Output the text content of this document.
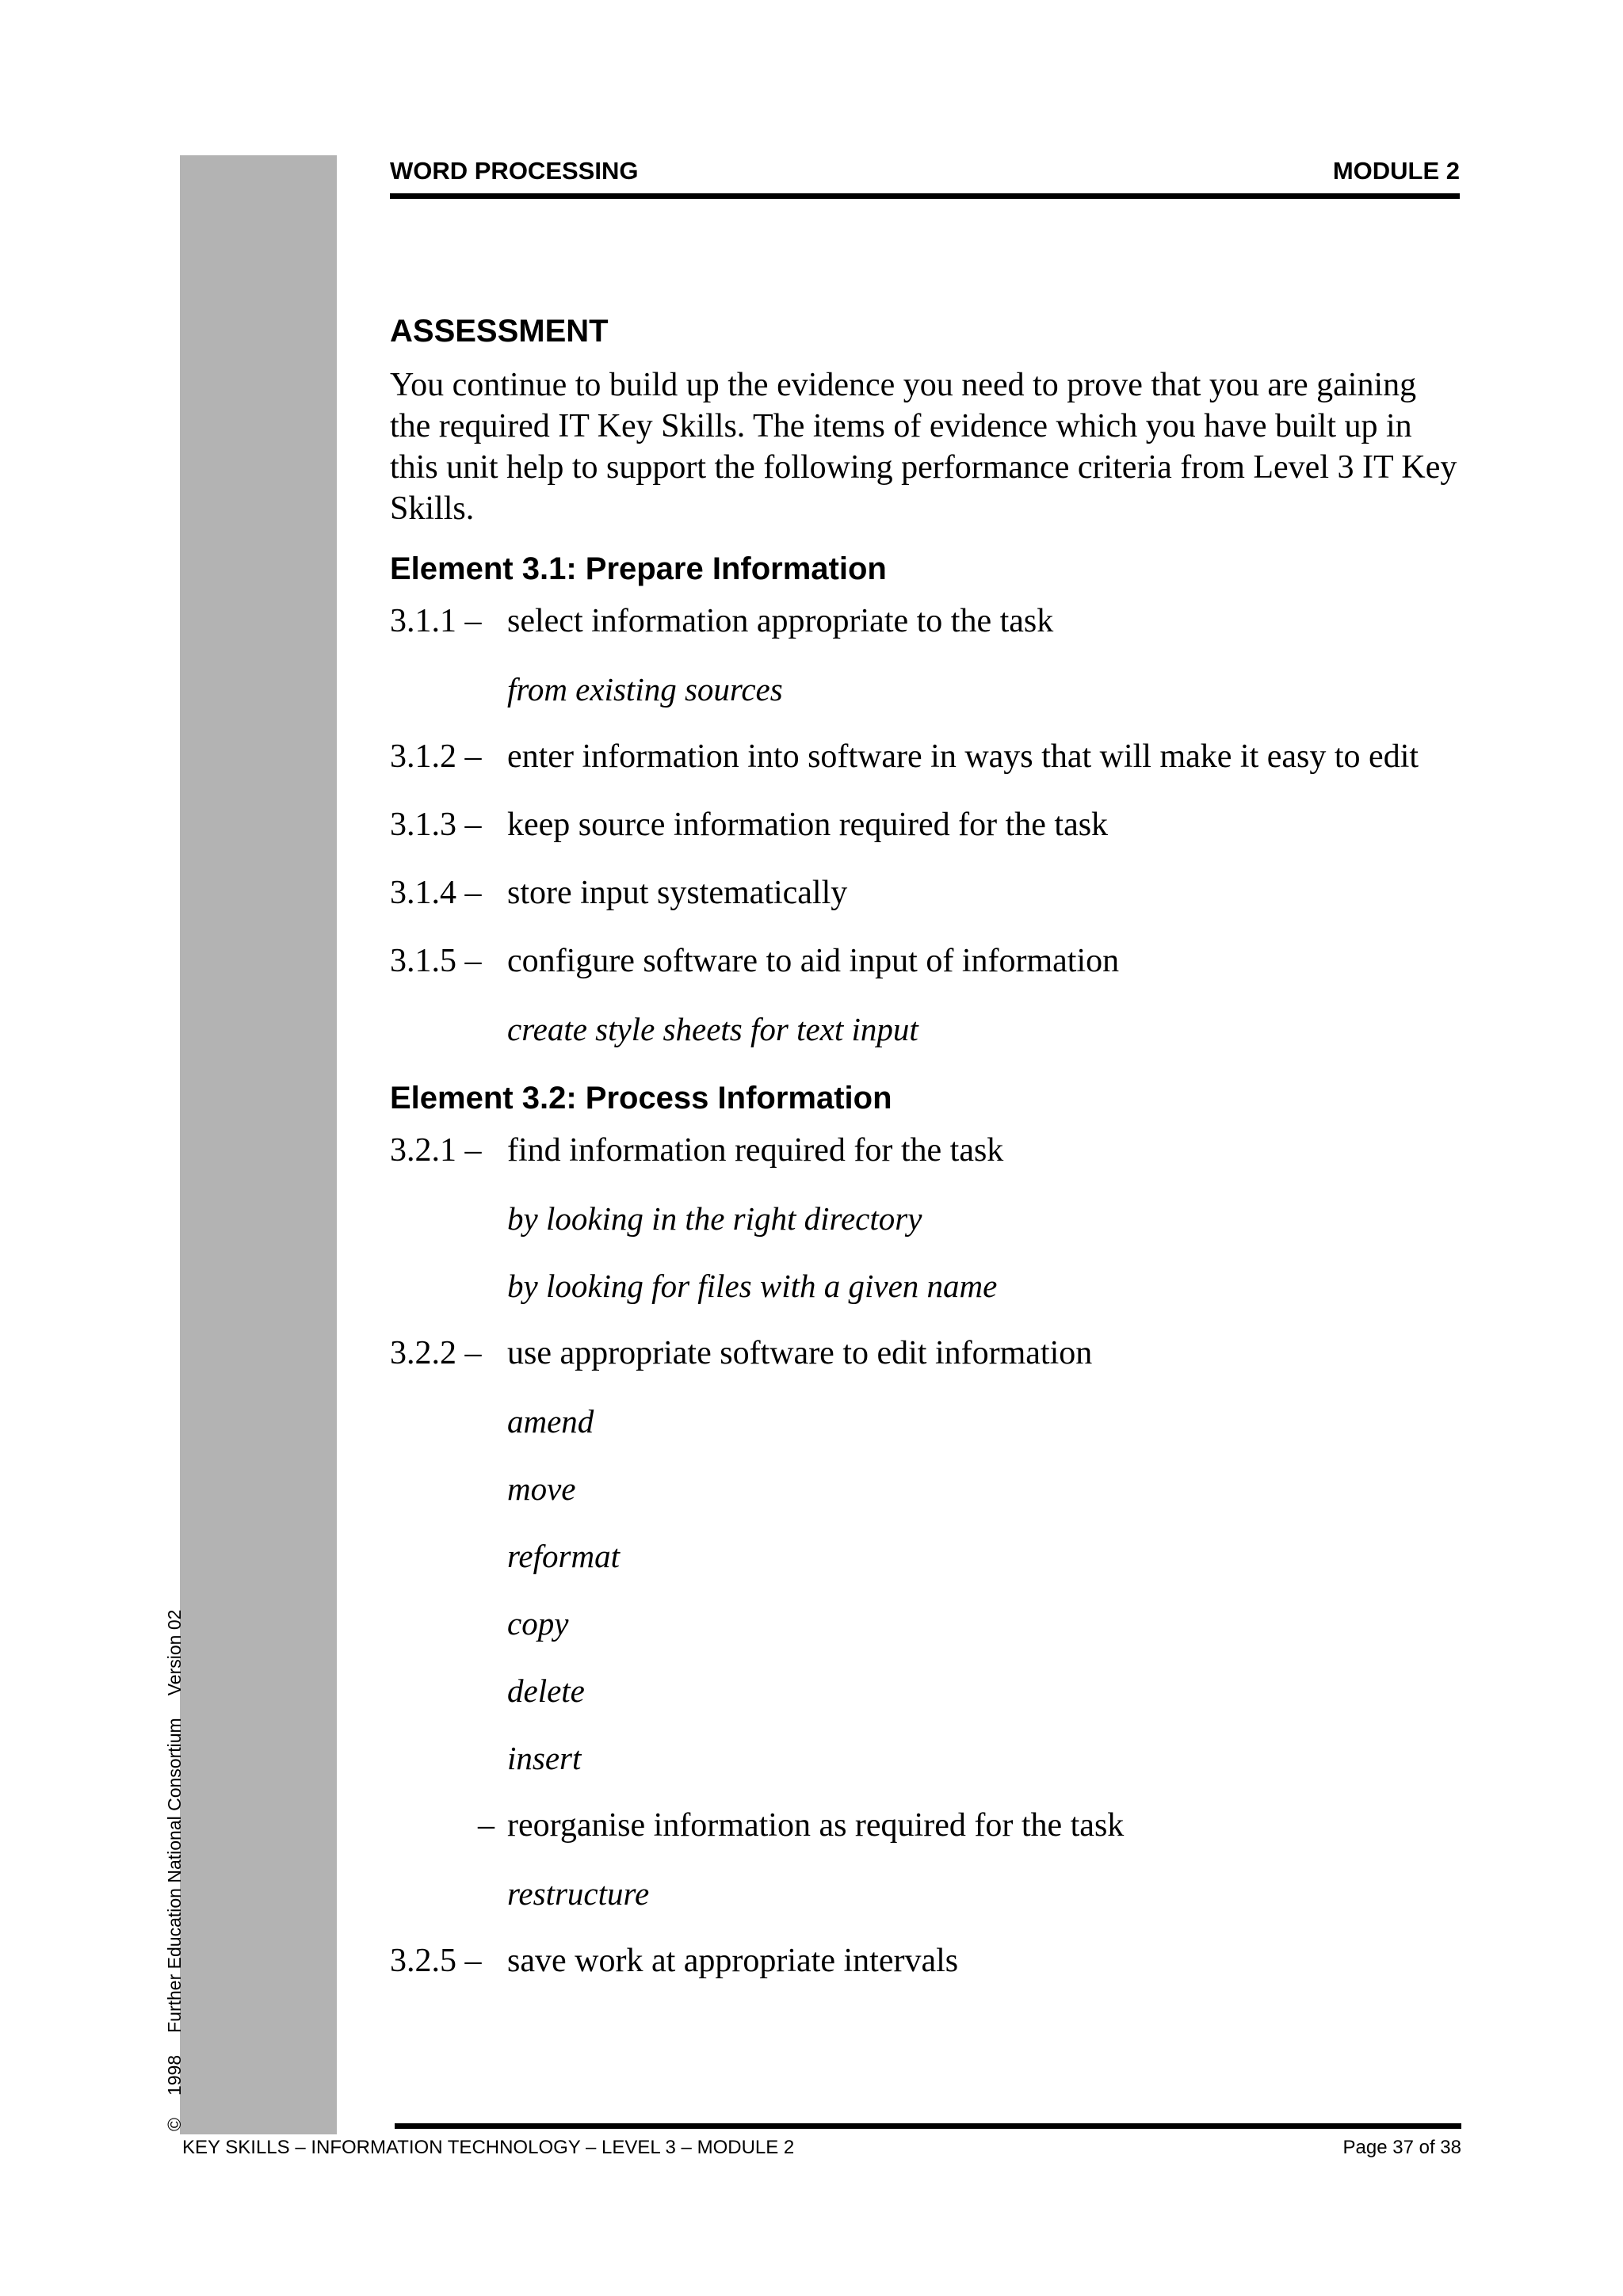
©1998Further Education National ConsortiumVersion 02
WORD PROCESSING	MODULE 2
ASSESSMENT

You continue to build up the evidence you need to prove that you are gaining the required IT Key Skills. The items of evidence which you have built up in this unit help to support the following performance criteria from Level 3 IT Key Skills.

Element 3.1: Prepare Information
3.1.1 – select information appropriate to the task
from existing sources
3.1.2 – enter information into software in ways that will make it easy to edit
3.1.3 – keep source information required for the task
3.1.4 – store input systematically
3.1.5 – configure software to aid input of information
create style sheets for text input
Element 3.2: Process Information
3.2.1 – find information required for the task
by looking in the right directory
by looking for files with a given name
3.2.2 – use appropriate software to edit information
amend
move
reformat
copy
delete
insert
– reorganise information as required for the task
restructure
3.2.5 – save work at appropriate intervals
KEY SKILLS – INFORMATION TECHNOLOGY – LEVEL 3 – MODULE 2	Page 37 of 38
